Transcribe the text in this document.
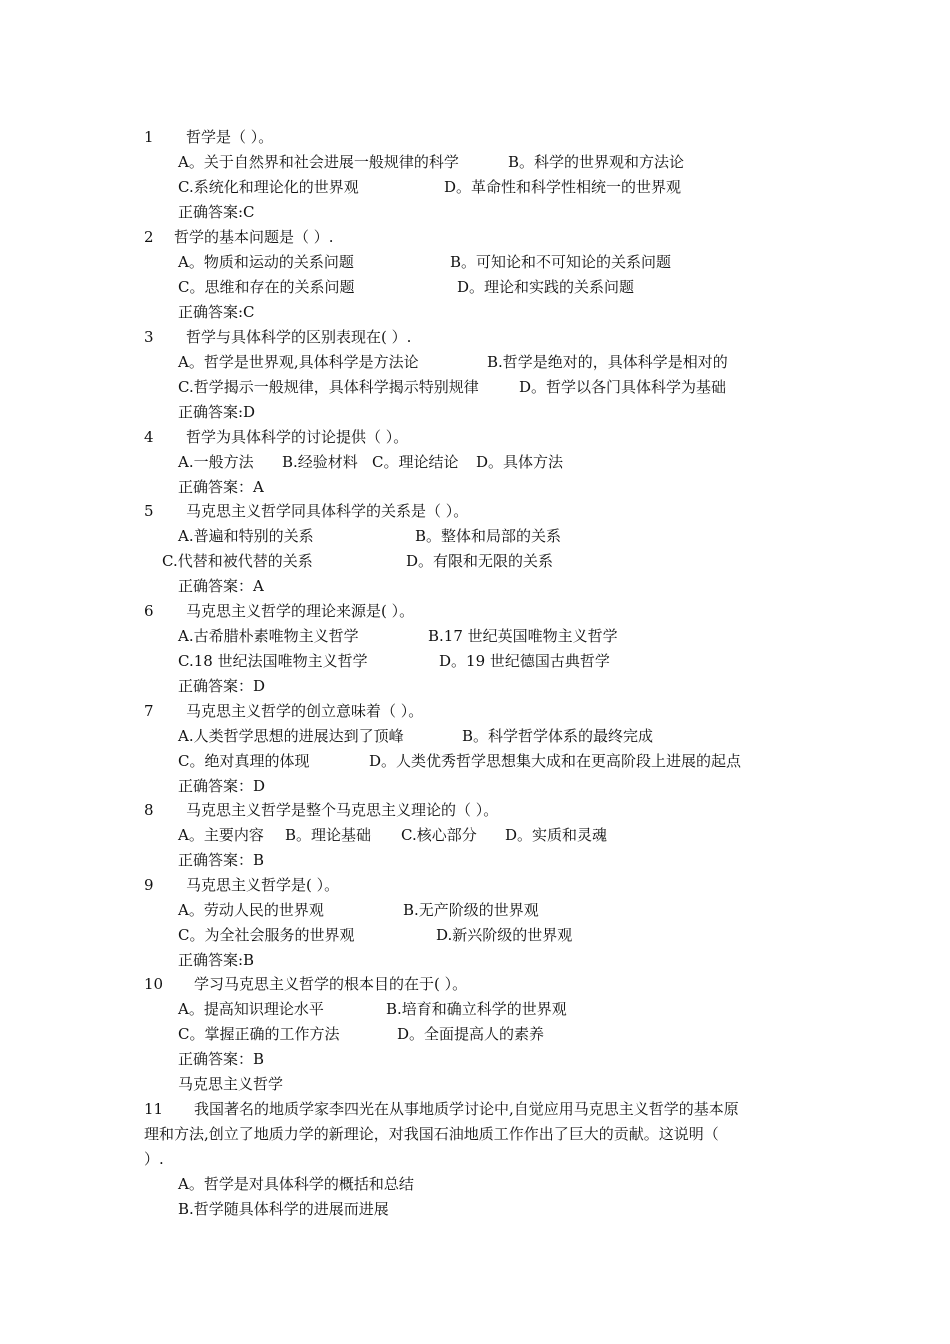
1 哲学是（ ）。
A。关于自然界和社会进展一般规律的科学	B。科学的世界观和方法论
C.系统化和理论化的世界观	D。革命性和科学性相统一的世界观
正确答案:C
2 哲学的基本问题是（ ）.
A。物质和运动的关系问题	B。可知论和不可知论的关系问题
C。思维和存在的关系问题	D。理论和实践的关系问题
正确答案:C
3 哲学与具体科学的区别表现在( ）.
A。哲学是世界观,具体科学是方法论	B.哲学是绝对的，具体科学是相对的
C.哲学揭示一般规律，具体科学揭示特别规律	D。哲学以各门具体科学为基础
正确答案:D
4 哲学为具体科学的讨论提供（ ）。
A.一般方法 B.经验材料 C。理论结论 D。具体方法
正确答案：A
5 马克思主义哲学同具体科学的关系是（ ）。
A.普遍和特别的关系	B。整体和局部的关系
C.代替和被代替的关系	D。有限和无限的关系
正确答案：A
6 马克思主义哲学的理论来源是( ）。
A.古希腊朴素唯物主义哲学	B.17 世纪英国唯物主义哲学
C.18 世纪法国唯物主义哲学	D。19 世纪德国古典哲学
正确答案：D
7 马克思主义哲学的创立意味着（ ）。
A.人类哲学思想的进展达到了顶峰	B。科学哲学体系的最终完成
C。绝对真理的体现	D。人类优秀哲学思想集大成和在更高阶段上进展的起点
正确答案：D
8 马克思主义哲学是整个马克思主义理论的（ ）。
A。主要内容 B。理论基础 C.核心部分 D。实质和灵魂
正确答案：B
9 马克思主义哲学是( ）。
A。劳动人民的世界观	B.无产阶级的世界观
C。为全社会服务的世界观	D.新兴阶级的世界观
正确答案:B
10 学习马克思主义哲学的根本目的在于( ）。
A。提高知识理论水平	B.培育和确立科学的世界观
C。掌握正确的工作方法	D。全面提高人的素养
正确答案：B
马克思主义哲学
11 我国著名的地质学家李四光在从事地质学讨论中,自觉应用马克思主义哲学的基本原
理和方法,创立了地质力学的新理论，对我国石油地质工作作出了巨大的贡献。这说明（
）.
A。哲学是对具体科学的概括和总结
B.哲学随具体科学的进展而进展
